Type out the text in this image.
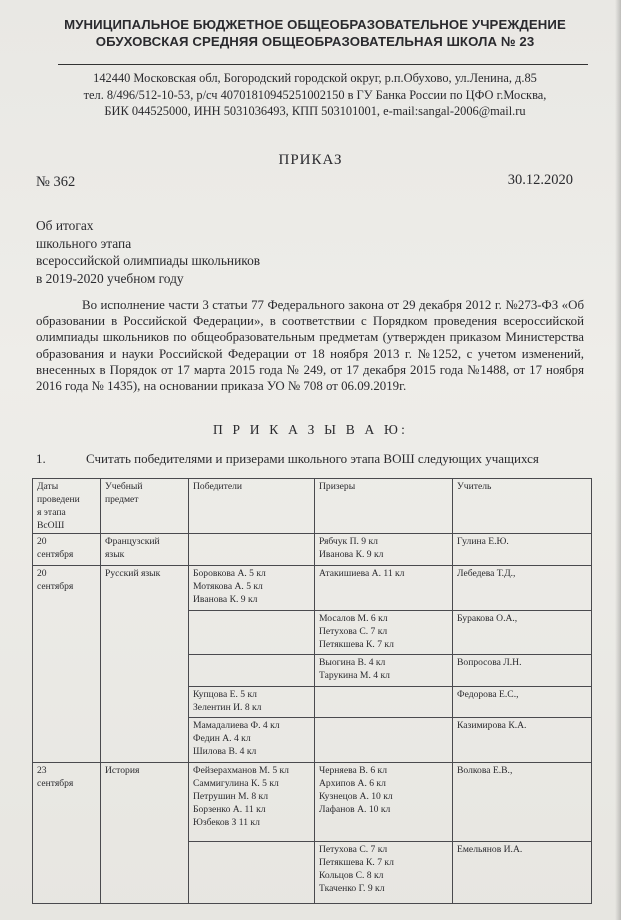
МУНИЦИПАЛЬНОЕ БЮДЖЕТНОЕ ОБЩЕОБРАЗОВАТЕЛЬНОЕ УЧРЕЖДЕНИЕ
ОБУХОВСКАЯ СРЕДНЯЯ ОБЩЕОБРАЗОВАТЕЛЬНАЯ ШКОЛА № 23
142440 Московская обл, Богородский городской округ, р.п.Обухово, ул.Ленина, д.85
тел. 8/496/512-10-53, р/сч 40701810945251002150 в ГУ Банка России по ЦФО г.Москва,
БИК 044525000, ИНН 5031036493, КПП 503101001, e-mail:sangal-2006@mail.ru
ПРИКАЗ
№ 362	30.12.2020
Об итогах
школьного этапа
всероссийской олимпиады школьников
в 2019-2020 учебном году
Во исполнение части 3 статьи 77 Федерального закона от 29 декабря 2012 г. №273-ФЗ «Об образовании в Российской Федерации», в соответствии с Порядком проведения всероссийской олимпиады школьников по общеобразовательным предметам (утвержден приказом Министерства образования и науки Российской Федерации от 18 ноября 2013 г. №1252, с учетом изменений, внесенных в Порядок от 17 марта 2015 года № 249, от 17 декабря 2015 года №1488, от 17 ноября 2016 года № 1435), на основании приказа УО № 708 от 06.09.2019г.
П Р И К А З Ы В А Ю:
1.	Считать победителями и призерами школьного этапа ВОШ следующих учащихся
Даты
проведени
я этапа
ВсОШ	Учебный
предмет	Победители	Призеры	Учитель
20
сентября	Французский
язык		Рябчук П. 9 кл
Иванова К. 9 кл	Гулина Е.Ю.
20
сентября	Русский язык	Боровкова А. 5 кл
Мотякова А. 5 кл
Иванова К. 9 кл	Атакишиева А. 11 кл	Лебедева Т.Д.,
			Мосалов М. 6 кл
Петухова С. 7 кл
Петякшева К. 7 кл	Буракова О.А.,
			Выогина В. 4 кл
Тарукина М. 4 кл	Вопросова Л.Н.
		Купцова Е. 5 кл
Зелентин И. 8 кл		Федорова Е.С.,
		Мамадалиева Ф. 4 кл
Федин А. 4 кл
Шилова В. 4 кл		Казимирова К.А.
23
сентября	История	Фейзерахманов М. 5 кл
Саммигулина К. 5 кл
Петрушин М. 8 кл
Борзенко А. 11 кл
Юзбеков З 11 кл	Черняева В. 6 кл
Архипов А. 6 кл
Кузнецов А. 10 кл
Лафанов А. 10 кл	Волкова Е.В.,
			Петухова С. 7 кл
Петякшева К. 7 кл
Кольцов С. 8 кл
Ткаченко Г. 9 кл	Емельянов И.А.
